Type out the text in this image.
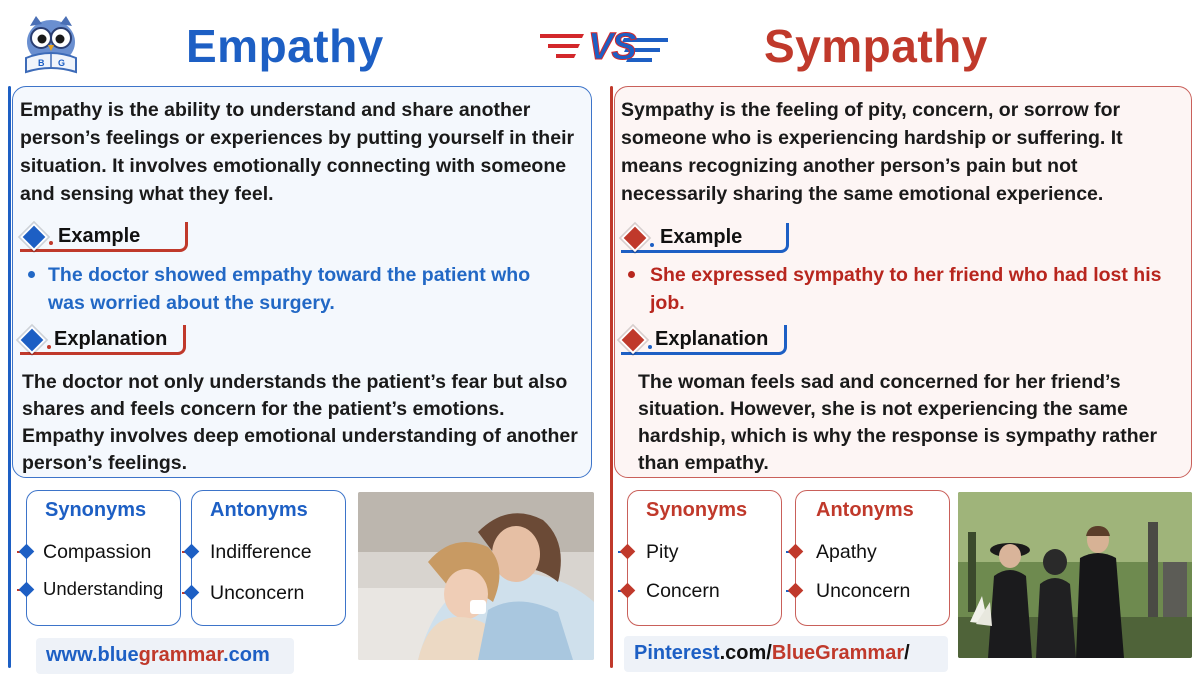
B G	Empathy	VS	Sympathy
Empathy is the ability to understand and share another person’s feelings or experiences by putting yourself in their situation. It involves emotionally connecting with someone and sensing what they feel.
Example
The doctor showed empathy toward the patient who was worried about the surgery.
Explanation
The doctor not only understands the patient’s fear but also shares and feels concern for the patient’s emotions. Empathy involves deep emotional understanding of another person’s feelings.
Synonyms
Compassion
Understanding
Antonyms
Indifference
Unconcern
www.bluegrammar.com
Sympathy is the feeling of pity, concern, or sorrow for someone who is experiencing hardship or suffering. It means recognizing another person’s pain but not necessarily sharing the same emotional experience.
Example
She expressed sympathy to her friend who had lost his job.
Explanation
The woman feels sad and concerned for her friend’s situation. However, she is not experiencing the same hardship, which is why the response is sympathy rather than empathy.
Synonyms
Pity
Concern
Antonyms
Apathy
Unconcern
Pinterest.com/BlueGrammar/
